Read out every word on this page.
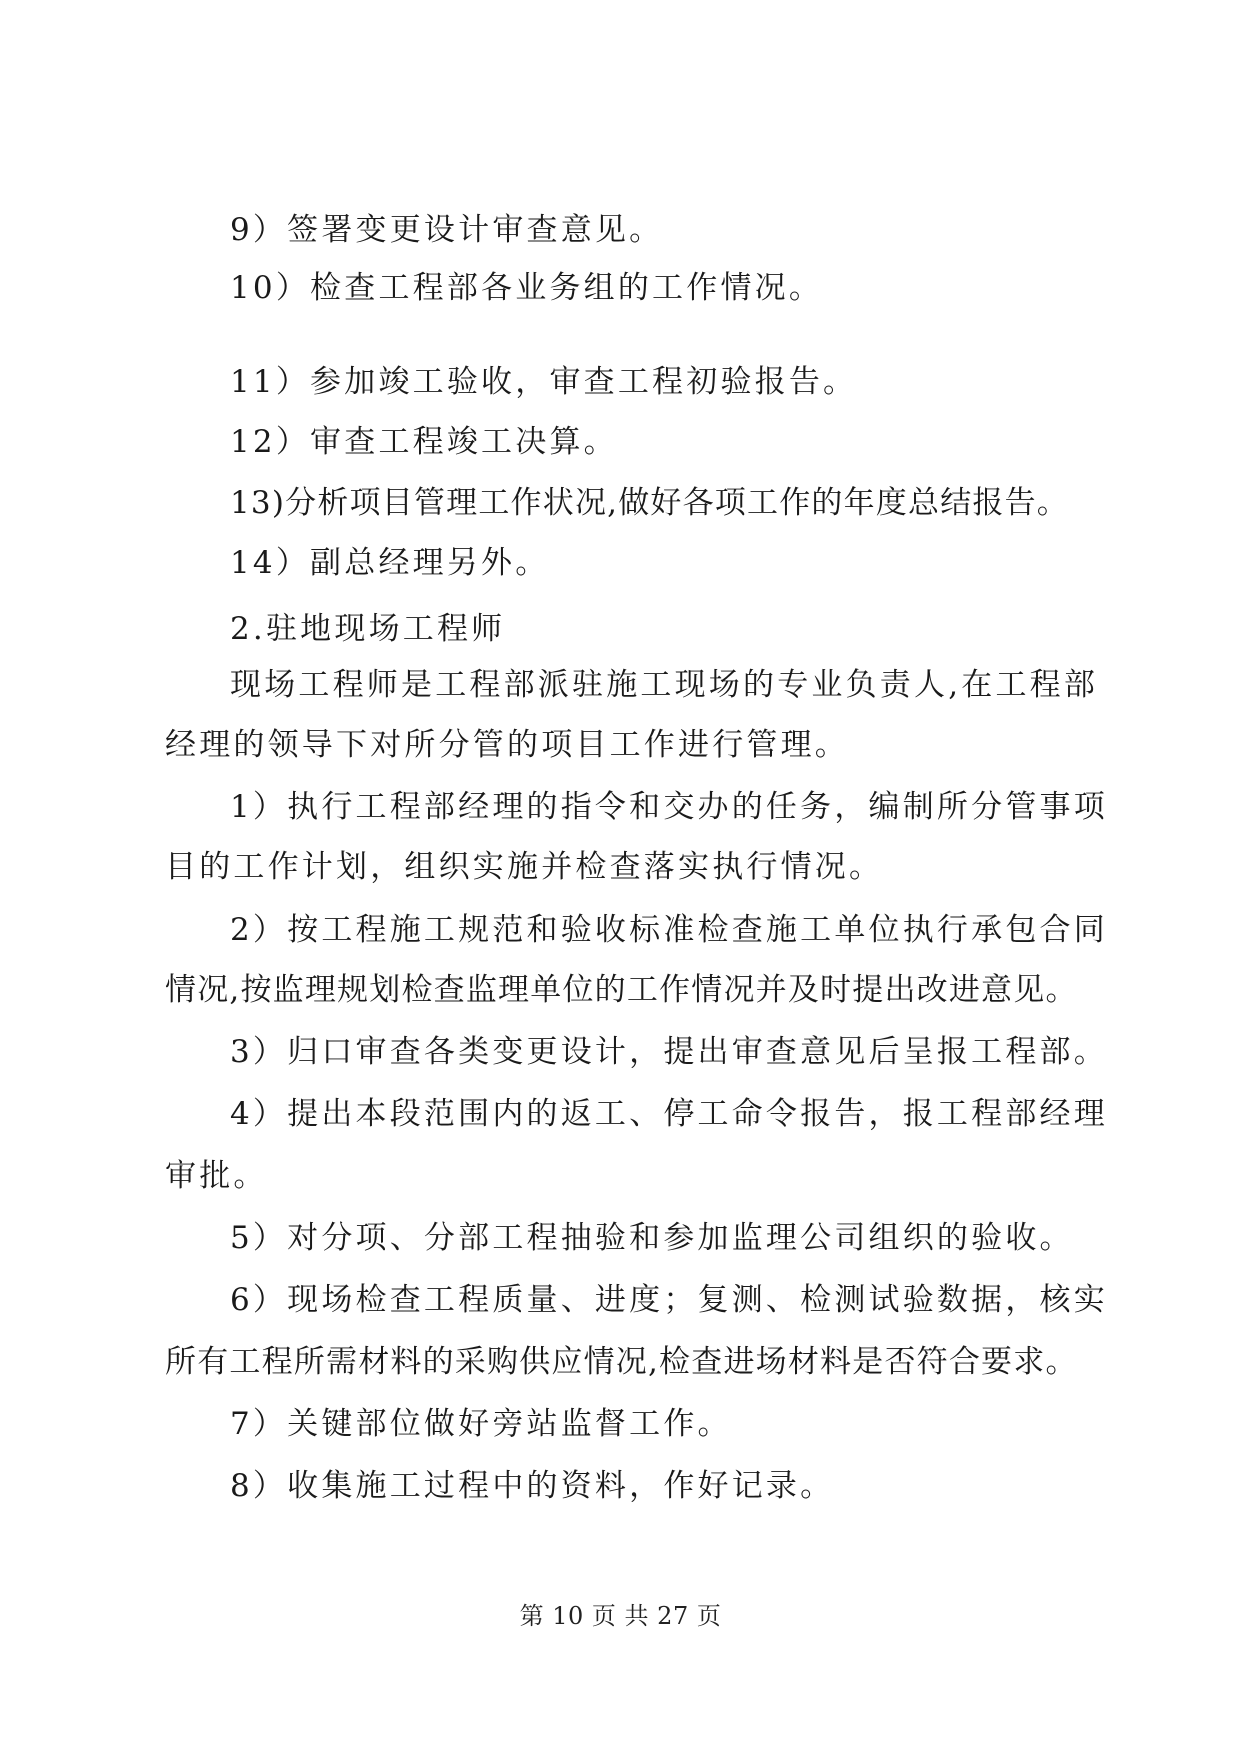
9）签署变更设计审查意见。
10）检查工程部各业务组的工作情况。
11）参加竣工验收，审查工程初验报告。
12）审查工程竣工决算。
13)分析项目管理工作状况,做好各项工作的年度总结报告。
14）副总经理另外。
2.驻地现场工程师
现场工程师是工程部派驻施工现场的专业负责人,在工程部
经理的领导下对所分管的项目工作进行管理。
1）执行工程部经理的指令和交办的任务，编制所分管事项
目的工作计划，组织实施并检查落实执行情况。
2）按工程施工规范和验收标准检查施工单位执行承包合同
情况,按监理规划检查监理单位的工作情况并及时提出改进意见。
3）归口审查各类变更设计，提出审查意见后呈报工程部。
4）提出本段范围内的返工、停工命令报告，报工程部经理
审批。
5）对分项、分部工程抽验和参加监理公司组织的验收。
6）现场检查工程质量、进度；复测、检测试验数据，核实
所有工程所需材料的采购供应情况,检查进场材料是否符合要求。
7）关键部位做好旁站监督工作。
8）收集施工过程中的资料，作好记录。
第 10 页 共 27 页
